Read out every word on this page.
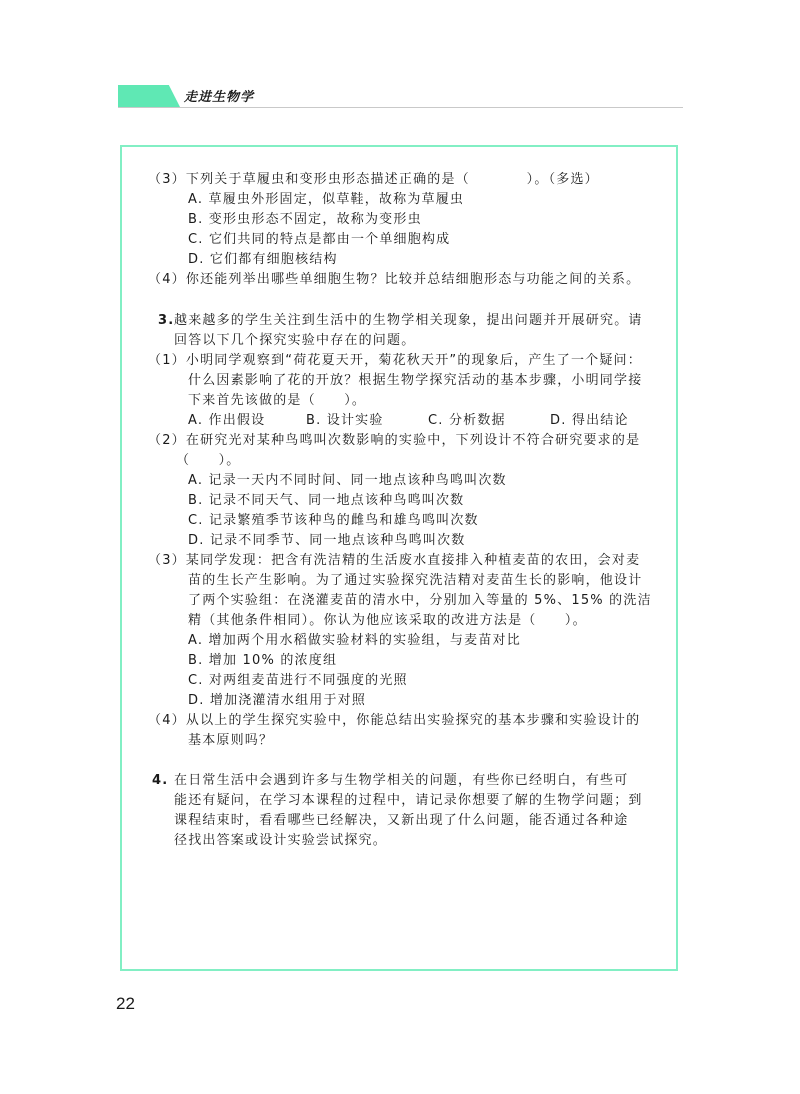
走进生物学
（3）下列关于草履虫和变形虫形态描述正确的是（　　　　）。（多选）
A. 草履虫外形固定，似草鞋，故称为草履虫
B. 变形虫形态不固定，故称为变形虫
C. 它们共同的特点是都由一个单细胞构成
D. 它们都有细胞核结构
（4）你还能列举出哪些单细胞生物？比较并总结细胞形态与功能之间的关系。
3. 越来越多的学生关注到生活中的生物学相关现象，提出问题并开展研究。请
回答以下几个探究实验中存在的问题。
（1）小明同学观察到“荷花夏天开，菊花秋天开”的现象后，产生了一个疑问：
什么因素影响了花的开放？根据生物学探究活动的基本步骤，小明同学接
下来首先该做的是（　　）。
A. 作出假设	B. 设计实验	C. 分析数据	D. 得出结论
（2）在研究光对某种鸟鸣叫次数影响的实验中，下列设计不符合研究要求的是
（　　）。
A. 记录一天内不同时间、同一地点该种鸟鸣叫次数
B. 记录不同天气、同一地点该种鸟鸣叫次数
C. 记录繁殖季节该种鸟的雌鸟和雄鸟鸣叫次数
D. 记录不同季节、同一地点该种鸟鸣叫次数
（3）某同学发现：把含有洗洁精的生活废水直接排入种植麦苗的农田，会对麦
苗的生长产生影响。为了通过实验探究洗洁精对麦苗生长的影响，他设计
了两个实验组：在浇灌麦苗的清水中，分别加入等量的 5%、15% 的洗洁
精（其他条件相同）。你认为他应该采取的改进方法是（　　）。
A. 增加两个用水稻做实验材料的实验组，与麦苗对比
B. 增加 10% 的浓度组
C. 对两组麦苗进行不同强度的光照
D. 增加浇灌清水组用于对照
（4）从以上的学生探究实验中，你能总结出实验探究的基本步骤和实验设计的
基本原则吗？
4. 在日常生活中会遇到许多与生物学相关的问题，有些你已经明白，有些可
能还有疑问，在学习本课程的过程中，请记录你想要了解的生物学问题；到
课程结束时，看看哪些已经解决，又新出现了什么问题，能否通过各种途
径找出答案或设计实验尝试探究。
22
